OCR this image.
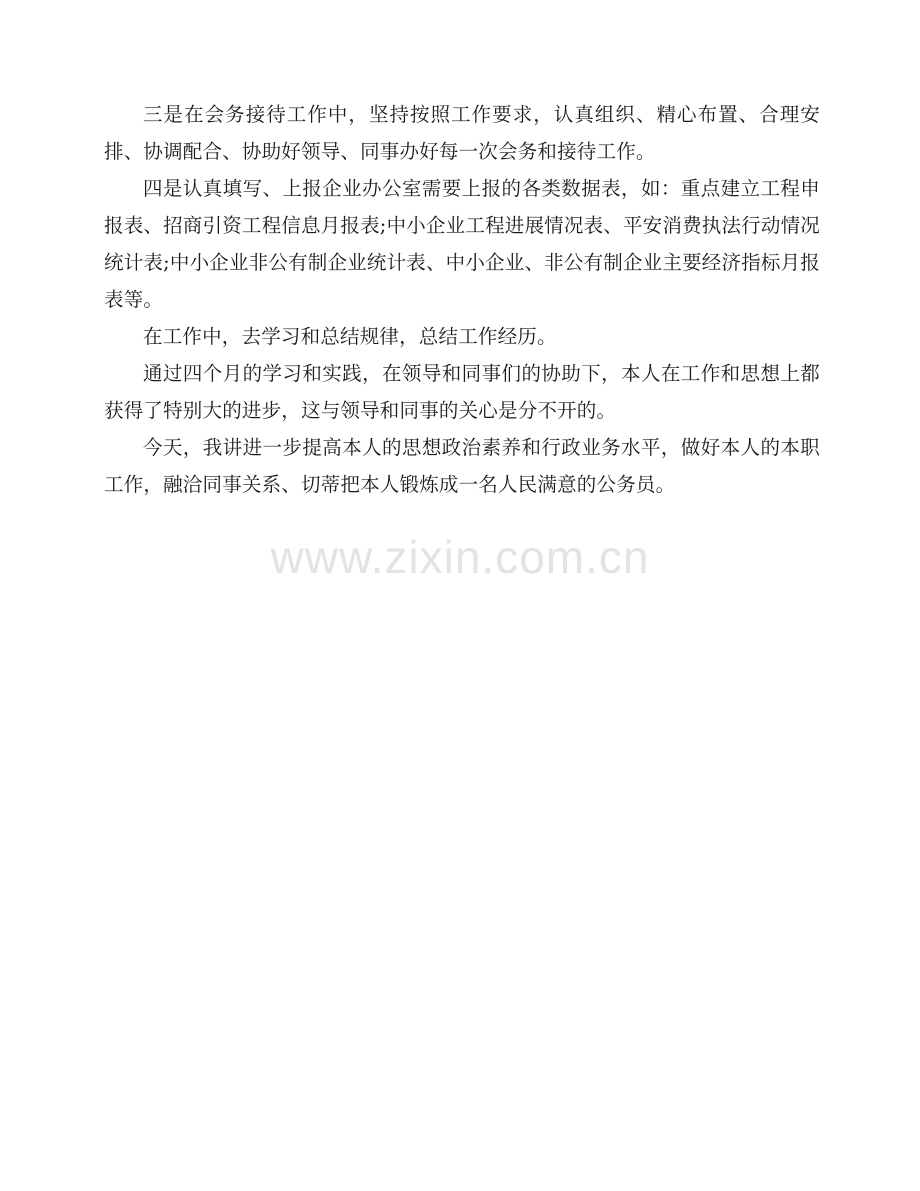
三是在会务接待工作中，坚持按照工作要求，认真组织、精心布置、合理安排、协调配合、协助好领导、同事办好每一次会务和接待工作。

四是认真填写、上报企业办公室需要上报的各类数据表，如：重点建立工程申报表、招商引资工程信息月报表;中小企业工程进展情况表、平安消费执法行动情况统计表;中小企业非公有制企业统计表、中小企业、非公有制企业主要经济指标月报表等。

在工作中，去学习和总结规律，总结工作经历。

通过四个月的学习和实践，在领导和同事们的协助下，本人在工作和思想上都获得了特别大的进步，这与领导和同事的关心是分不开的。

今天，我讲进一步提高本人的思想政治素养和行政业务水平，做好本人的本职工作，融洽同事关系、切蒂把本人锻炼成一名人民满意的公务员。

www.zixin.com.cn
